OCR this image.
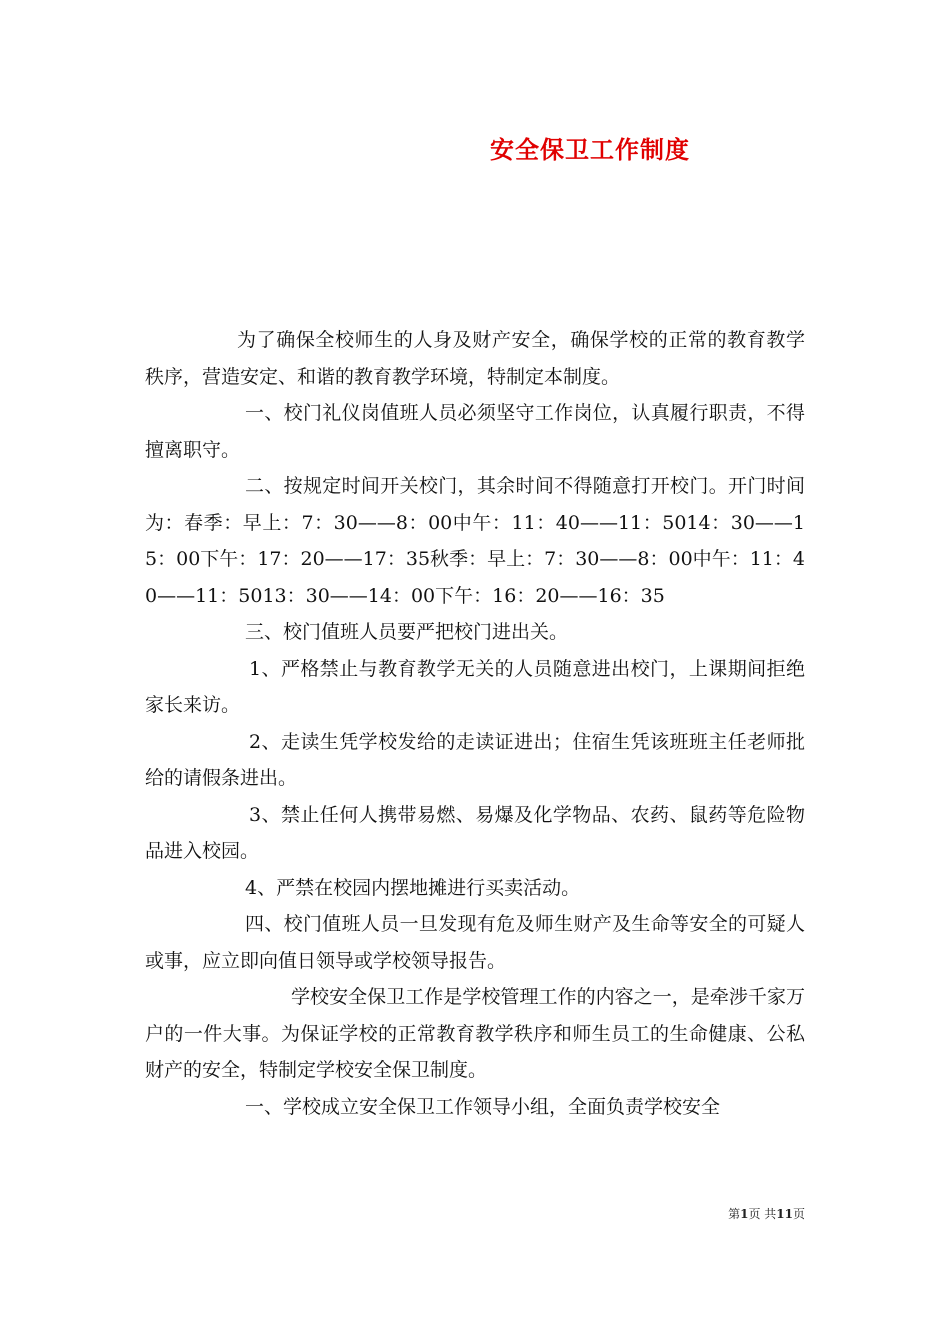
安全保卫工作制度

为了确保全校师生的人身及财产安全，确保学校的正常的教育教学秩序，营造安定、和谐的教育教学环境，特制定本制度。

一、校门礼仪岗值班人员必须坚守工作岗位，认真履行职责，不得擅离职守。

二、按规定时间开关校门，其余时间不得随意打开校门。开门时间为：春季：早上：7：30——8：00中午：11：40——11：5014：30——15：00下午：17：20——17：35秋季：早上：7：30——8：00中午：11：40——11：5013：30——14：00下午：16：20——16：35

三、校门值班人员要严把校门进出关。

1、严格禁止与教育教学无关的人员随意进出校门，上课期间拒绝家长来访。

2、走读生凭学校发给的走读证进出；住宿生凭该班班主任老师批给的请假条进出。

3、禁止任何人携带易燃、易爆及化学物品、农药、鼠药等危险物品进入校园。

4、严禁在校园内摆地摊进行买卖活动。

四、校门值班人员一旦发现有危及师生财产及生命等安全的可疑人或事，应立即向值日领导或学校领导报告。

学校安全保卫工作是学校管理工作的内容之一，是牵涉千家万户的一件大事。为保证学校的正常教育教学秩序和师生员工的生命健康、公私财产的安全，特制定学校安全保卫制度。

一、学校成立安全保卫工作领导小组，全面负责学校安全

第1页 共11页
